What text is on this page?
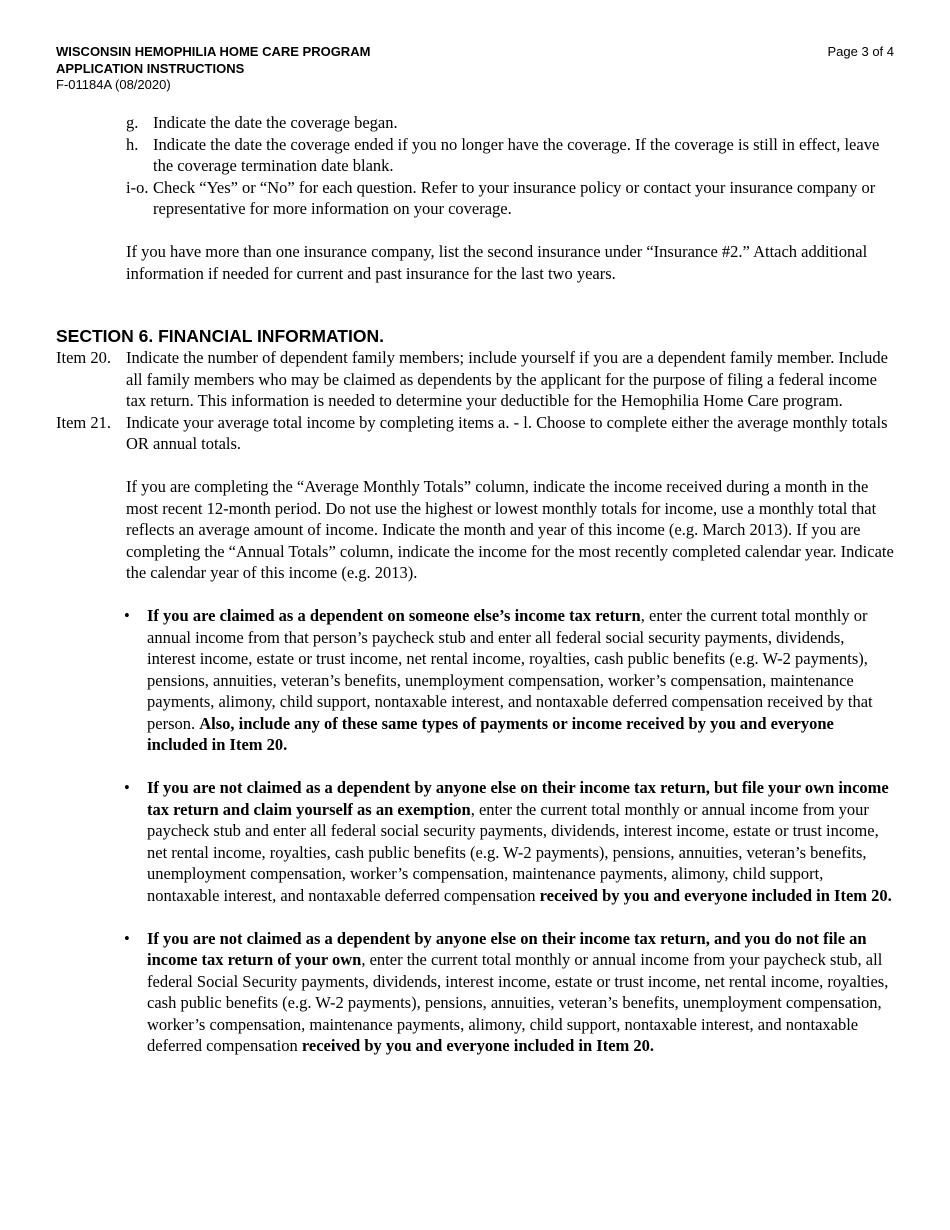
WISCONSIN HEMOPHILIA HOME CARE PROGRAM
APPLICATION INSTRUCTIONS
F-01184A (08/2020)
Page 3 of 4
g. Indicate the date the coverage began.
h. Indicate the date the coverage ended if you no longer have the coverage. If the coverage is still in effect, leave the coverage termination date blank.
i-o. Check “Yes” or “No” for each question. Refer to your insurance policy or contact your insurance company or representative for more information on your coverage.
If you have more than one insurance company, list the second insurance under “Insurance #2.” Attach additional information if needed for current and past insurance for the last two years.
SECTION 6. FINANCIAL INFORMATION.
Item 20. Indicate the number of dependent family members; include yourself if you are a dependent family member. Include all family members who may be claimed as dependents by the applicant for the purpose of filing a federal income tax return. This information is needed to determine your deductible for the Hemophilia Home Care program.
Item 21. Indicate your average total income by completing items a. - l. Choose to complete either the average monthly totals OR annual totals.
If you are completing the “Average Monthly Totals” column, indicate the income received during a month in the most recent 12-month period. Do not use the highest or lowest monthly totals for income, use a monthly total that reflects an average amount of income. Indicate the month and year of this income (e.g. March 2013). If you are completing the “Annual Totals” column, indicate the income for the most recently completed calendar year. Indicate the calendar year of this income (e.g. 2013).
• If you are claimed as a dependent on someone else’s income tax return, enter the current total monthly or annual income from that person’s paycheck stub and enter all federal social security payments, dividends, interest income, estate or trust income, net rental income, royalties, cash public benefits (e.g. W-2 payments), pensions, annuities, veteran’s benefits, unemployment compensation, worker’s compensation, maintenance payments, alimony, child support, nontaxable interest, and nontaxable deferred compensation received by that person. Also, include any of these same types of payments or income received by you and everyone included in Item 20.
• If you are not claimed as a dependent by anyone else on their income tax return, but file your own income tax return and claim yourself as an exemption, enter the current total monthly or annual income from your paycheck stub and enter all federal social security payments, dividends, interest income, estate or trust income, net rental income, royalties, cash public benefits (e.g. W-2 payments), pensions, annuities, veteran’s benefits, unemployment compensation, worker’s compensation, maintenance payments, alimony, child support, nontaxable interest, and nontaxable deferred compensation received by you and everyone included in Item 20.
• If you are not claimed as a dependent by anyone else on their income tax return, and you do not file an income tax return of your own, enter the current total monthly or annual income from your paycheck stub, all federal Social Security payments, dividends, interest income, estate or trust income, net rental income, royalties, cash public benefits (e.g. W-2 payments), pensions, annuities, veteran’s benefits, unemployment compensation, worker’s compensation, maintenance payments, alimony, child support, nontaxable interest, and nontaxable deferred compensation received by you and everyone included in Item 20.
